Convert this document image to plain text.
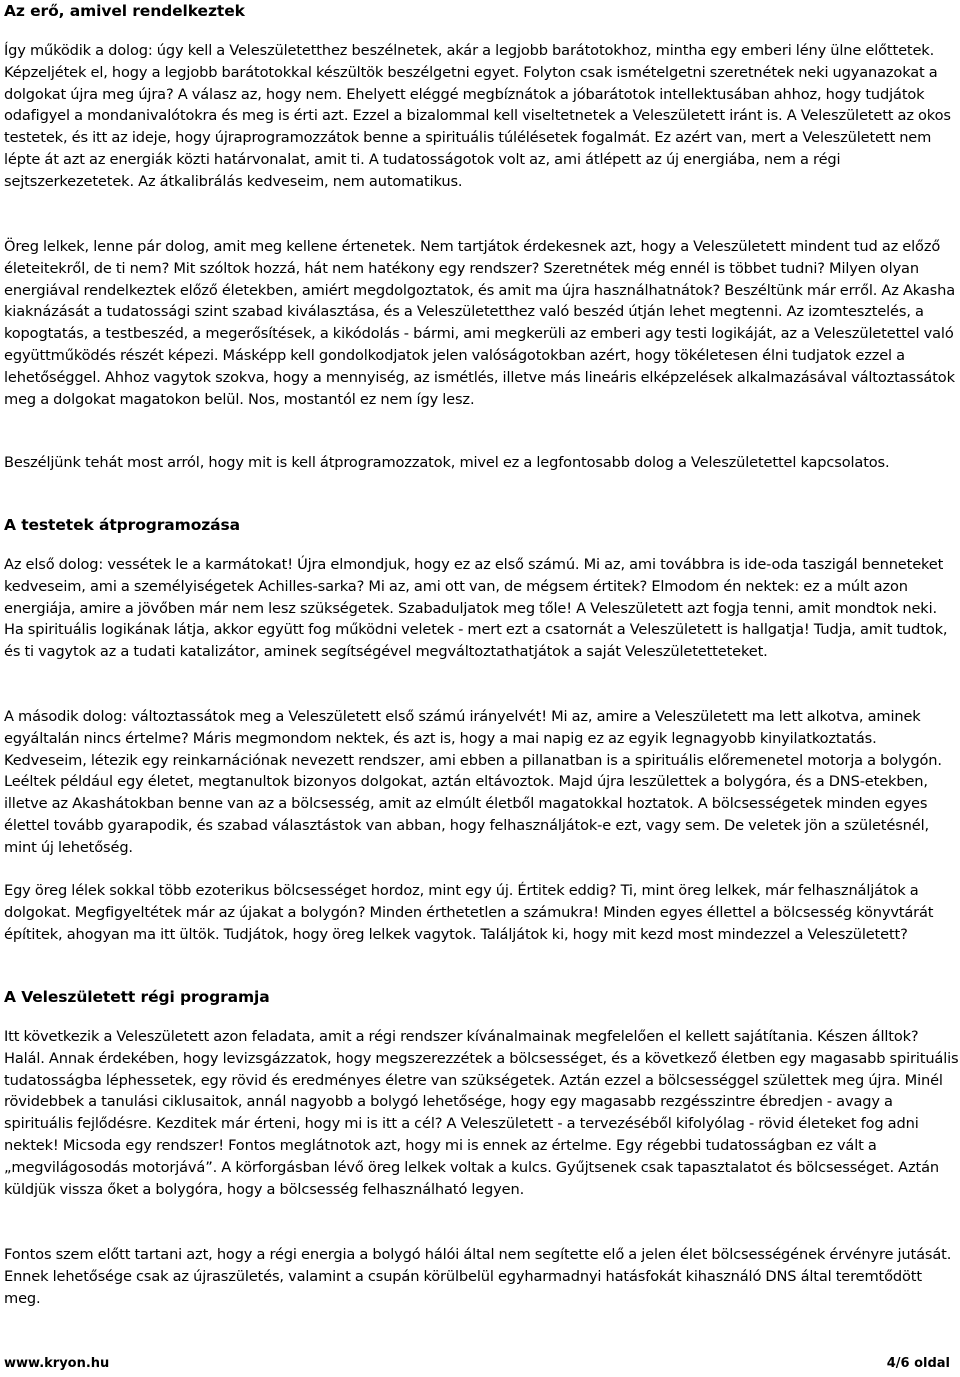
Az erő, amivel rendelkeztek

Így működik a dolog: úgy kell a Veleszületetthez beszélnetek, akár a legjobb barátotokhoz, mintha egy emberi lény ülne előttetek. Képzeljétek el, hogy a legjobb barátotokkal készültök beszélgetni egyet. Folyton csak ismételgetni szeretnétek neki ugyanazokat a dolgokat újra meg újra? A válasz az, hogy nem. Ehelyett eléggé megbíznátok a jóbarátotok intellektusában ahhoz, hogy tudjátok odafigyel a mondanivalótokra és meg is érti azt. Ezzel a bizalommal kell viseltetnetek a Veleszületett iránt is. A Veleszületett az okos testetek, és itt az ideje, hogy újraprogramozzátok benne a spirituális túlélésetek fogalmát. Ez azért van, mert a Veleszületett nem lépte át azt az energiák közti határvonalat, amit ti. A tudatosságotok volt az, ami átlépett az új energiába, nem a régi sejtszerkezetetek. Az átkalibrálás kedveseim, nem automatikus.

Öreg lelkek, lenne pár dolog, amit meg kellene értenetek. Nem tartjátok érdekesnek azt, hogy a Veleszületett mindent tud az előző életeitekről, de ti nem? Mit szóltok hozzá, hát nem hatékony egy rendszer? Szeretnétek még ennél is többet tudni? Milyen olyan energiával rendelkeztek előző életekben, amiért megdolgoztatok, és amit ma újra használhatnátok? Beszéltünk már erről. Az Akasha kiaknázását a tudatossági szint szabad kiválasztása, és a Veleszületetthez való beszéd útján lehet megtenni. Az izomtesztelés, a kopogtatás, a testbeszéd, a megerősítések, a kikódolás - bármi, ami megkerüli az emberi agy testi logikáját, az a Veleszületettel való együttműködés részét képezi. Másképp kell gondolkodjatok jelen valóságotokban azért, hogy tökéletesen élni tudjatok ezzel a lehetőséggel. Ahhoz vagytok szokva, hogy a mennyiség, az ismétlés, illetve más lineáris elképzelések alkalmazásával változtassátok meg a dolgokat magatokon belül. Nos, mostantól ez nem így lesz.

Beszéljünk tehát most arról, hogy mit is kell átprogramozzatok, mivel ez a legfontosabb dolog a Veleszületettel kapcsolatos.

A testetek átprogramozása

Az első dolog: vessétek le a karmátokat! Újra elmondjuk, hogy ez az első számú. Mi az, ami továbbra is ide-oda taszigál benneteket kedveseim, ami a személyiségetek Achilles-sarka? Mi az, ami ott van, de mégsem értitek? Elmodom én nektek: ez a múlt azon energiája, amire a jövőben már nem lesz szükségetek. Szabaduljatok meg tőle! A Veleszületett azt fogja tenni, amit mondtok neki. Ha spirituális logikának látja, akkor együtt fog működni veletek - mert ezt a csatornát a Veleszületett is hallgatja! Tudja, amit tudtok, és ti vagytok az a tudati katalizátor, aminek segítségével megváltoztathatjátok a saját Veleszületetteteket.

A második dolog: változtassátok meg a Veleszületett első számú irányelvét! Mi az, amire a Veleszületett ma lett alkotva, aminek egyáltalán nincs értelme? Máris megmondom nektek, és azt is, hogy a mai napig ez az egyik legnagyobb kinyilatkoztatás. Kedveseim, létezik egy reinkarnációnak nevezett rendszer, ami ebben a pillanatban is a spirituális előremenetel motorja a bolygón. Leéltek például egy életet, megtanultok bizonyos dolgokat, aztán eltávoztok. Majd újra leszülettek a bolygóra, és a DNS-etekben, illetve az Akashátokban benne van az a bölcsesség, amit az elmúlt életből magatokkal hoztatok. A bölcsességetek minden egyes élettel tovább gyarapodik, és szabad választástok van abban, hogy felhasználjátok-e ezt, vagy sem. De veletek jön a születésnél, mint új lehetőség.

Egy öreg lélek sokkal több ezoterikus bölcsességet hordoz, mint egy új. Értitek eddig? Ti, mint öreg lelkek, már felhasználjátok a dolgokat. Megfigyeltétek már az újakat a bolygón? Minden érthetetlen a számukra! Minden egyes éllettel a bölcsesség könyvtárát építitek, ahogyan ma itt ültök. Tudjátok, hogy öreg lelkek vagytok. Találjátok ki, hogy mit kezd most mindezzel a Veleszületett?

A Veleszületett régi programja

Itt következik a Veleszületett azon feladata, amit a régi rendszer kívánalmainak megfelelően el kellett sajátítania. Készen álltok? Halál. Annak érdekében, hogy levizsgázzatok, hogy megszerezzétek a bölcsességet, és a következő életben egy magasabb spirituális tudatosságba léphessetek, egy rövid és eredményes életre van szükségetek. Aztán ezzel a bölcsességgel születtek meg újra. Minél rövidebbek a tanulási ciklusaitok, annál nagyobb a bolygó lehetősége, hogy egy magasabb rezgésszintre ébredjen - avagy a spirituális fejlődésre. Kezditek már érteni, hogy mi is itt a cél? A Veleszületett - a tervezéséből kifolyólag - rövid életeket fog adni nektek! Micsoda egy rendszer! Fontos meglátnotok azt, hogy mi is ennek az értelme. Egy régebbi tudatosságban ez vált a „megvilágosodás motorjává”. A körforgásban lévő öreg lelkek voltak a kulcs. Gyűjtsenek csak tapasztalatot és bölcsességet. Aztán küldjük vissza őket a bolygóra, hogy a bölcsesség felhasználható legyen.

Fontos szem előtt tartani azt, hogy a régi energia a bolygó hálói által nem segítette elő a jelen élet bölcsességének érvényre jutását. Ennek lehetősége csak az újraszületés, valamint a csupán körülbelül egyharmadnyi hatásfokát kihasználó DNS által teremtődött meg.

www.kryon.hu	4/6 oldal
